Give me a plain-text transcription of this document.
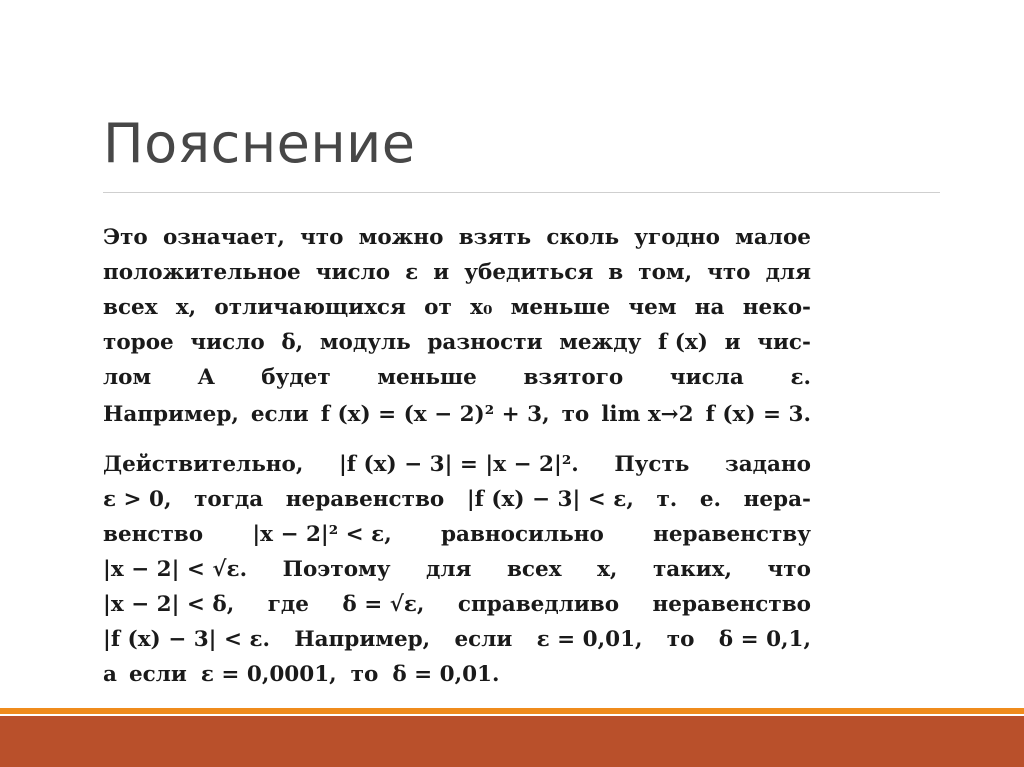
Пояснение
Это означает, что можно взять сколь угодно малое
положительное число ε и убедиться в том, что для
всех x, отличающихся от x₀ меньше чем на неко-
торое число δ, модуль разности между f (x) и чис-
лом A будет меньше взятого числа ε.
Например, если f (x) = (x − 2)² + 3, то lim x→2 f (x) = 3.
Действительно, |f (x) − 3| = |x − 2|². Пусть задано
ε > 0, тогда неравенство |f (x) − 3| < ε, т. е. нера-
венство |x − 2|² < ε, равносильно неравенству
|x − 2| < √ε. Поэтому для всех x, таких, что
|x − 2| < δ, где δ = √ε, справедливо неравенство
|f (x) − 3| < ε. Например, если ε = 0,01, то δ = 0,1,
а если ε = 0,0001, то δ = 0,01.
